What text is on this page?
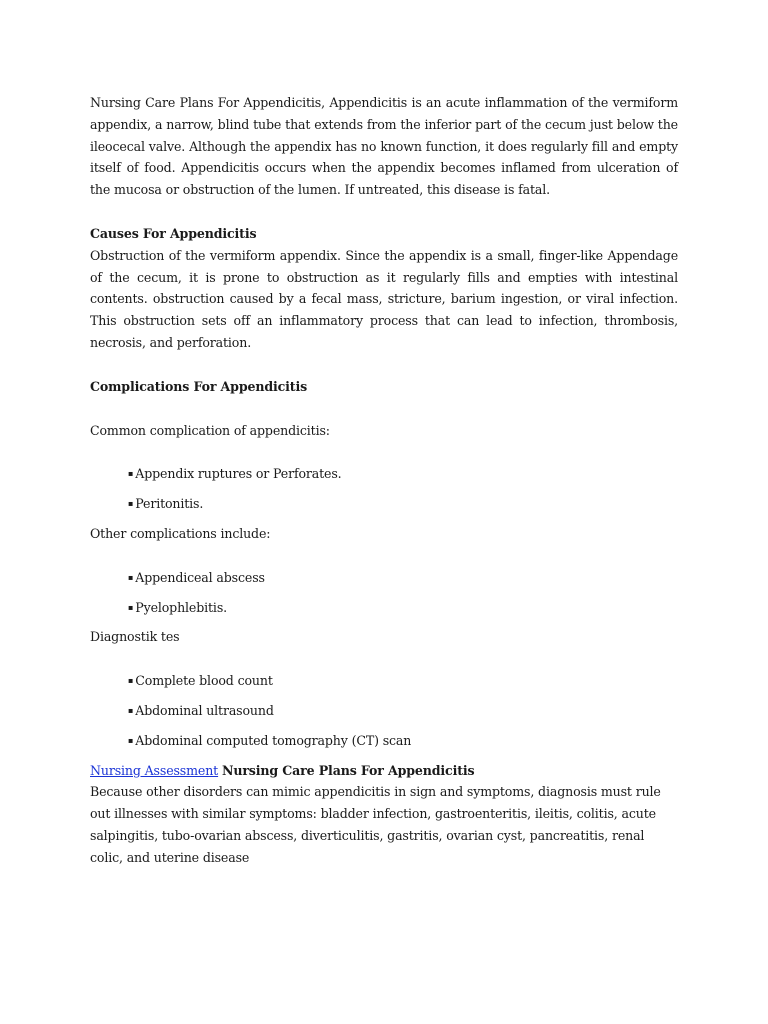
Nursing Care Plans For Appendicitis, Appendicitis is an acute inflammation of the vermiform appendix, a narrow, blind tube that extends from the inferior part of the cecum just below the ileocecal valve. Although the appendix has no known function, it does regularly fill and empty itself of food. Appendicitis occurs when the appendix becomes inflamed from ulceration of the mucosa or obstruction of the lumen. If untreated, this disease is fatal.

Causes For Appendicitis

Obstruction of the vermiform appendix. Since the appendix is a small, finger-like Appendage of the cecum, it is prone to obstruction as it regularly fills and empties with intestinal contents. obstruction caused by a fecal mass, stricture, barium ingestion, or viral infection. This obstruction sets off an inflammatory process that can lead to infection, thrombosis, necrosis, and perforation.

Complications For Appendicitis

Common complication of appendicitis:

▪ Appendix ruptures or Perforates.

▪ Peritonitis.

Other complications include:

▪ Appendiceal abscess

▪ Pyelophlebitis.

Diagnostik tes

▪ Complete blood count

▪ Abdominal ultrasound

▪ Abdominal computed tomography (CT) scan

Nursing Assessment Nursing Care Plans For Appendicitis

Because other disorders can mimic appendicitis in sign and symptoms, diagnosis must rule out illnesses with similar symptoms: bladder infection, gastroenteritis, ileitis, colitis, acute salpingitis, tubo-ovarian abscess, diverticulitis, gastritis, ovarian cyst, pancreatitis, renal colic, and uterine disease
